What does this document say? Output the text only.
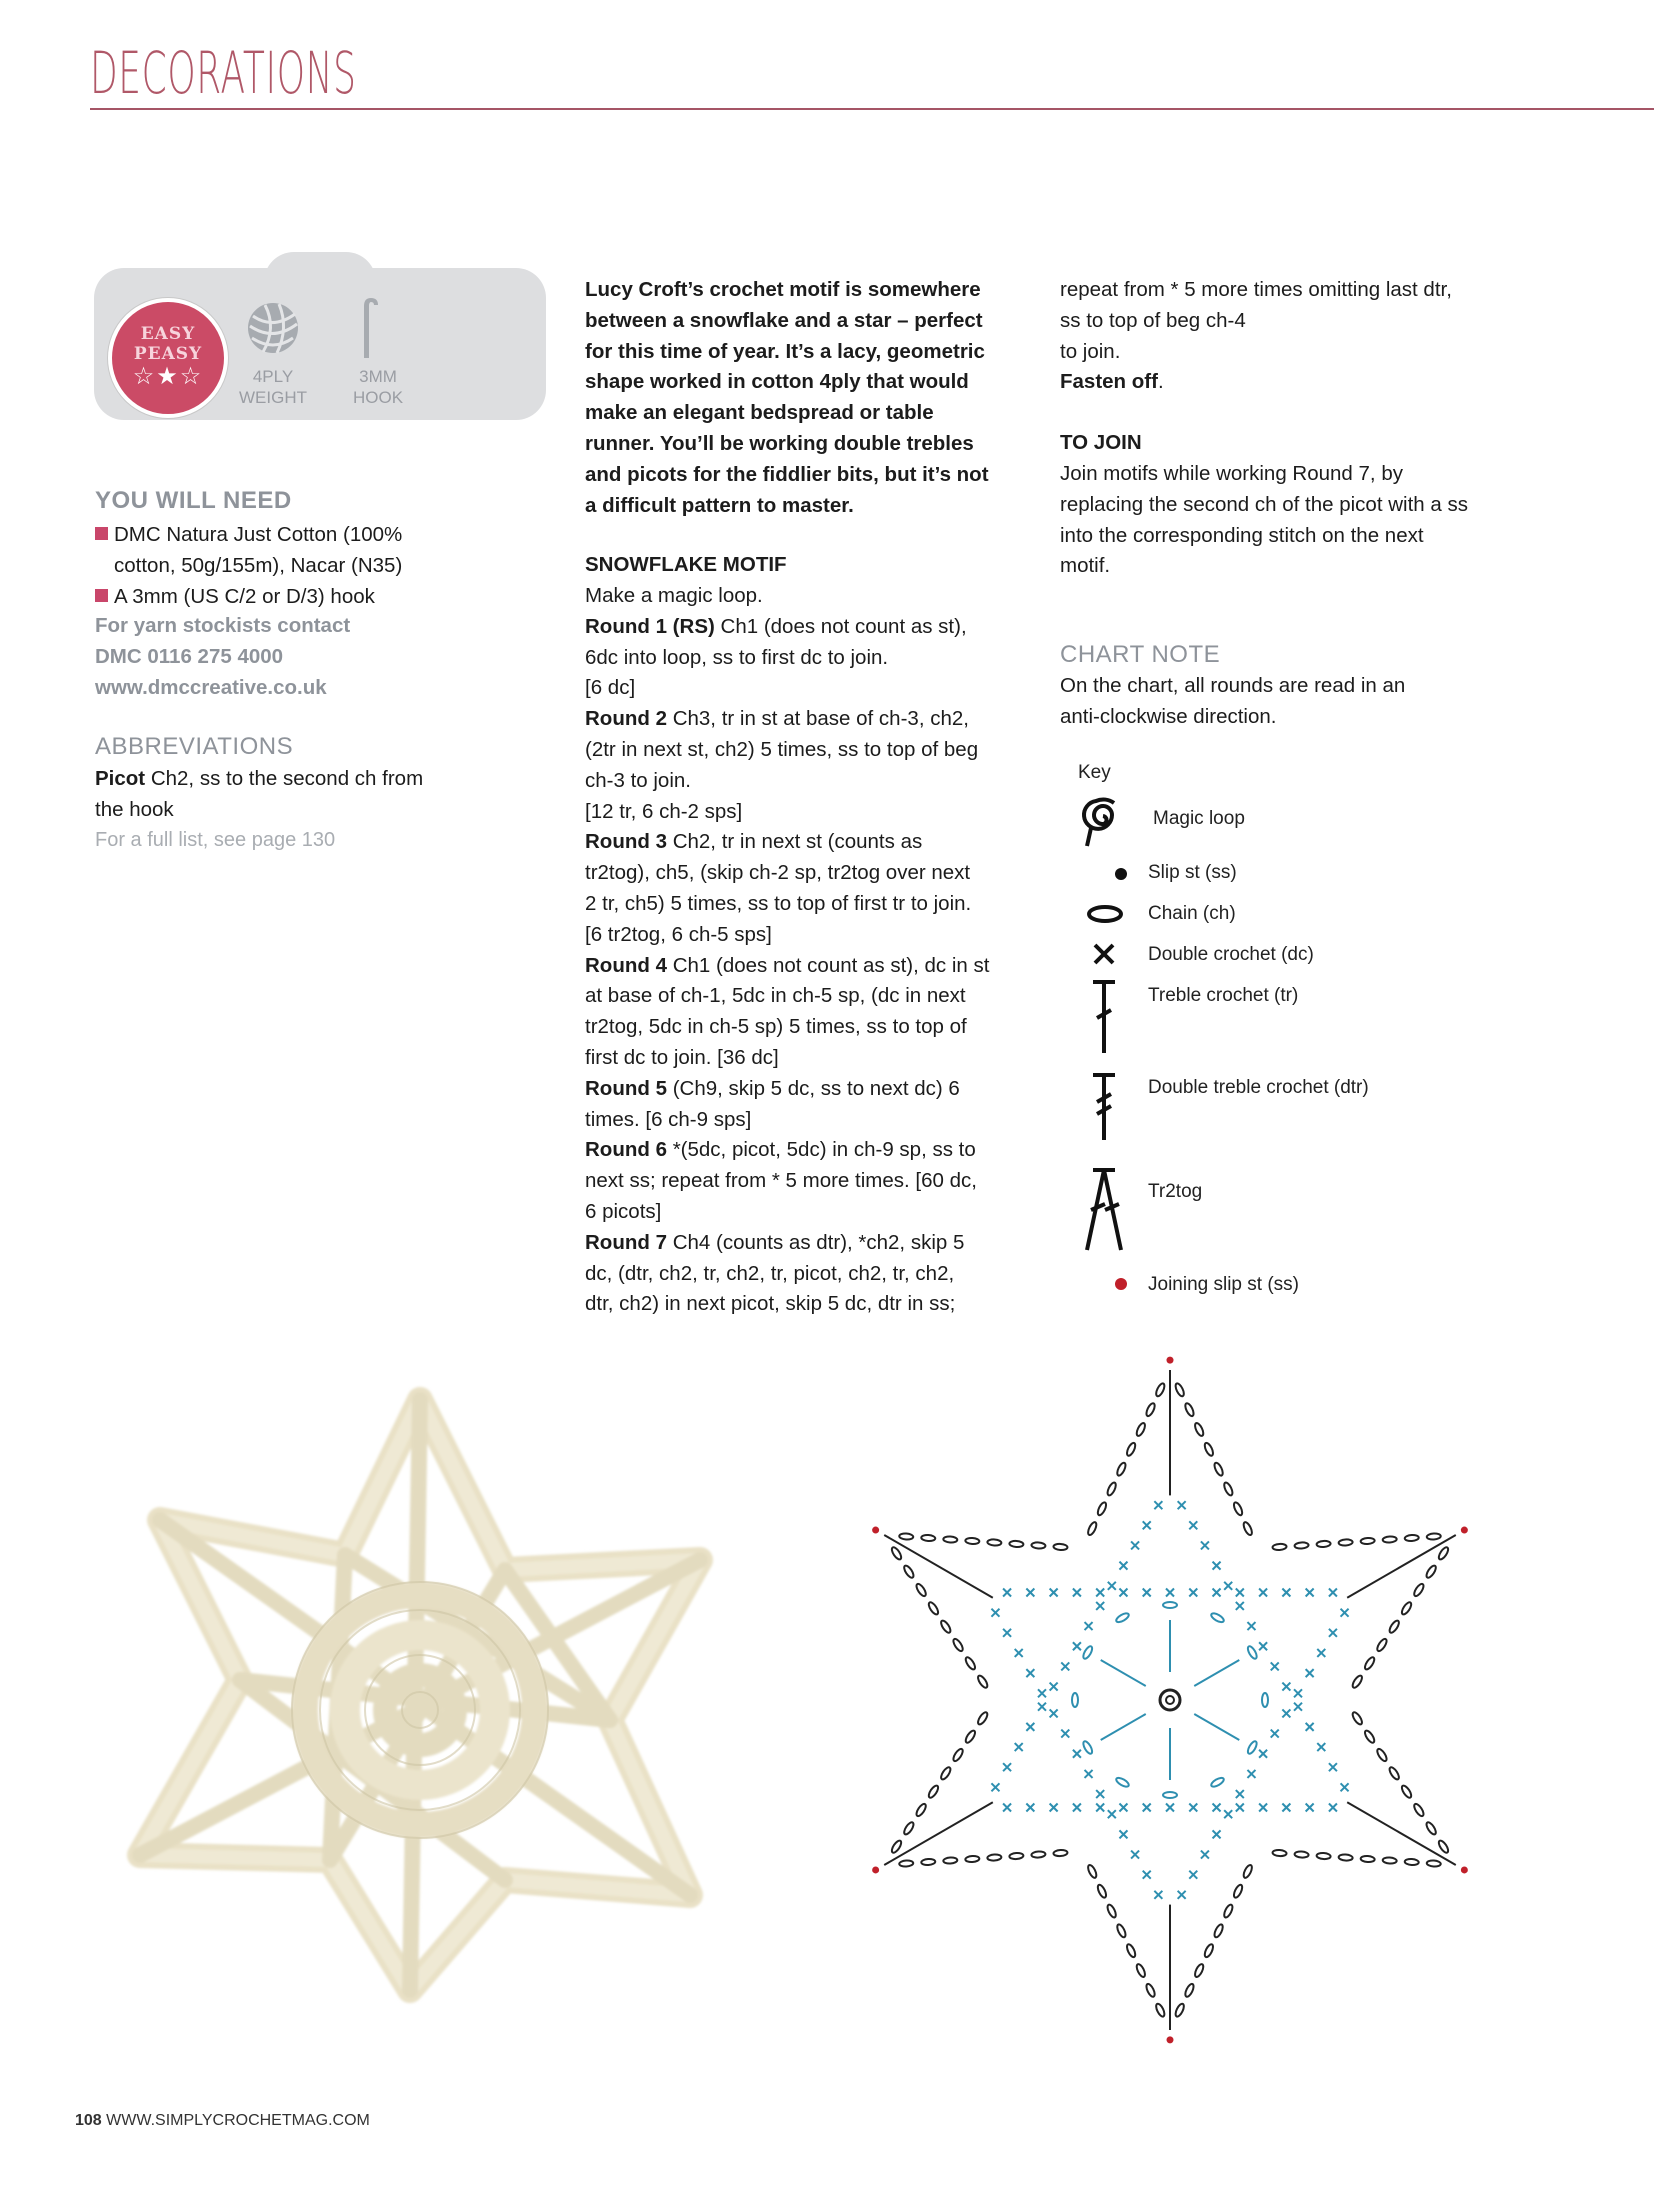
DECORATIONS
EASY
PEASY
☆★☆	4PLY
WEIGHT
3MM
HOOK
YOU WILL NEED
DMC Natura Just Cotton (100%
cotton, 50g/155m), Nacar (N35)
A 3mm (US C/2 or D/3) hook
For yarn stockists contact
DMC 0116 275 4000
www.dmccreative.co.uk
ABBREVIATIONS
Picot Ch2, ss to the second ch from
the hook
For a full list, see page 130
Lucy Croft’s crochet motif is somewhere
between a snowflake and a star – perfect
for this time of year. It’s a lacy, geometric
shape worked in cotton 4ply that would
make an elegant bedspread or table
runner. You’ll be working double trebles
and picots for the fiddlier bits, but it’s not
a difficult pattern to master.
SNOWFLAKE MOTIF
Make a magic loop.
Round 1 (RS) Ch1 (does not count as st),
6dc into loop, ss to first dc to join.
[6 dc]
Round 2 Ch3, tr in st at base of ch-3, ch2,
(2tr in next st, ch2) 5 times, ss to top of beg
ch-3 to join.
[12 tr, 6 ch-2 sps]
Round 3 Ch2, tr in next st (counts as
tr2tog), ch5, (skip ch-2 sp, tr2tog over next
2 tr, ch5) 5 times, ss to top of first tr to join.
[6 tr2tog, 6 ch-5 sps]
Round 4 Ch1 (does not count as st), dc in st
at base of ch-1, 5dc in ch-5 sp, (dc in next
tr2tog, 5dc in ch-5 sp) 5 times, ss to top of
first dc to join. [36 dc]
Round 5 (Ch9, skip 5 dc, ss to next dc) 6
times. [6 ch-9 sps]
Round 6 *(5dc, picot, 5dc) in ch-9 sp, ss to
next ss; repeat from * 5 more times. [60 dc,
6 picots]
Round 7 Ch4 (counts as dtr), *ch2, skip 5
dc, (dtr, ch2, tr, ch2, tr, picot, ch2, tr, ch2,
dtr, ch2) in next picot, skip 5 dc, dtr in ss;
repeat from * 5 more times omitting last dtr,
ss to top of beg ch-4
to join.
Fasten off.
TO JOIN
Join motifs while working Round 7, by
replacing the second ch of the picot with a ss
into the corresponding stitch on the next
motif.
CHART NOTE
On the chart, all rounds are read in an
anti-clockwise direction.
Key
Magic loop
Slip st (ss)
Chain (ch)
Double crochet (dc)
Treble crochet (tr)
Double treble crochet (dtr)
Tr2tog
Joining slip st (ss)
108 WWW.SIMPLYCROCHETMAG.COM
